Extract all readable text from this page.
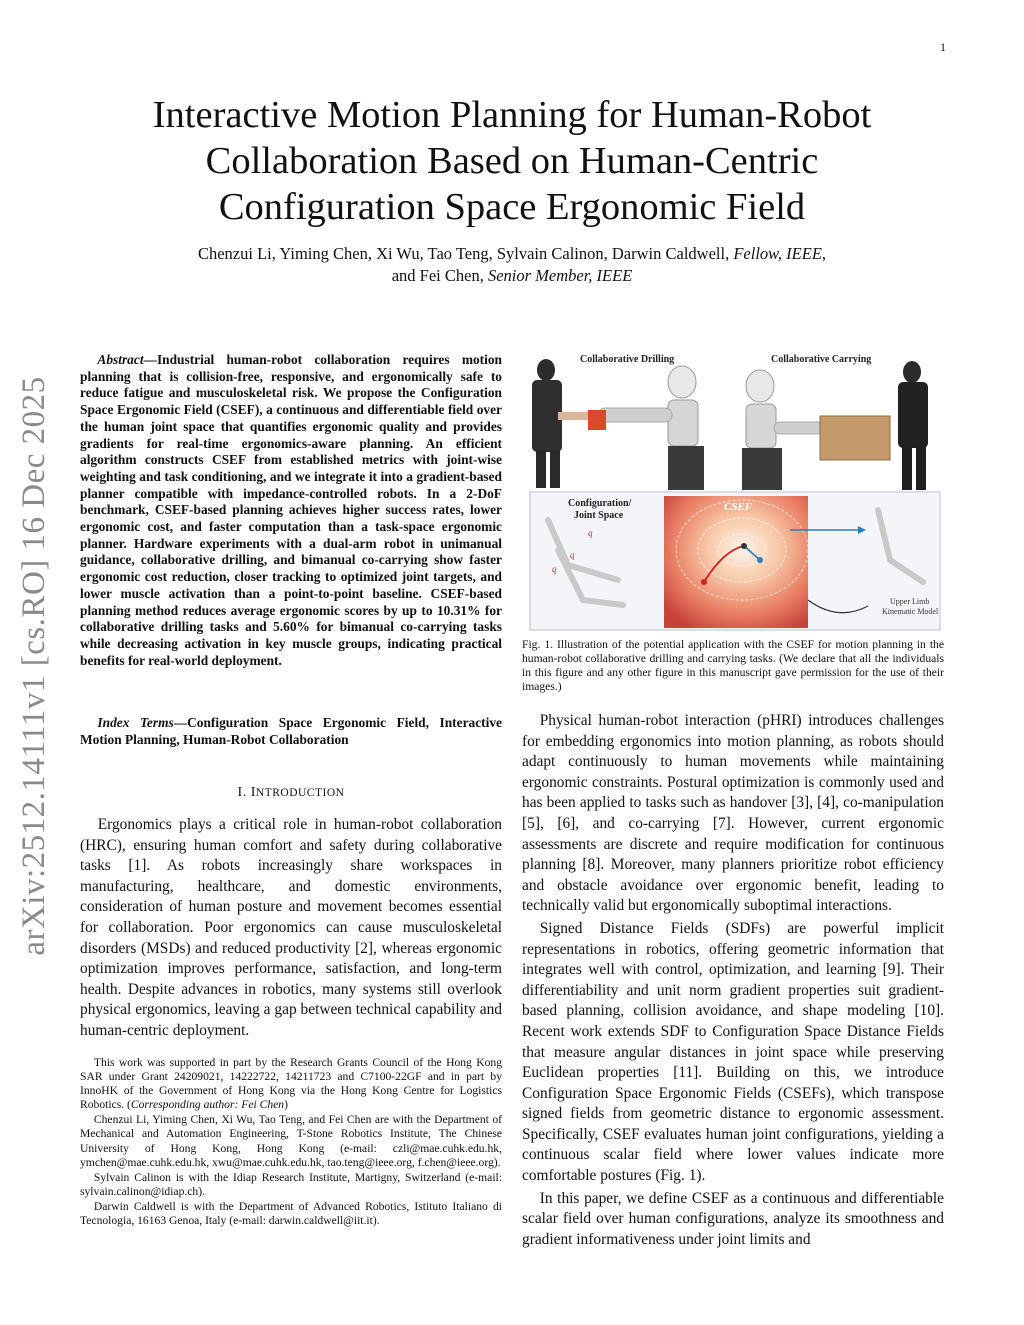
1
arXiv:2512.14111v1 [cs.RO] 16 Dec 2025
Interactive Motion Planning for Human-Robot
Collaboration Based on Human-Centric
Configuration Space Ergonomic Field
Chenzui Li, Yiming Chen, Xi Wu, Tao Teng, Sylvain Calinon, Darwin Caldwell, Fellow, IEEE,
and Fei Chen, Senior Member, IEEE

Abstract—Industrial human-robot collaboration requires motion planning that is collision-free, responsive, and ergonomically safe to reduce fatigue and musculoskeletal risk. We propose the Configuration Space Ergonomic Field (CSEF), a continuous and differentiable field over the human joint space that quantifies ergonomic quality and provides gradients for real-time ergonomics-aware planning. An efficient algorithm constructs CSEF from established metrics with joint-wise weighting and task conditioning, and we integrate it into a gradient-based planner compatible with impedance-controlled robots. In a 2-DoF benchmark, CSEF-based planning achieves higher success rates, lower ergonomic cost, and faster computation than a task-space ergonomic planner. Hardware experiments with a dual-arm robot in unimanual guidance, collaborative drilling, and bimanual co-carrying show faster ergonomic cost reduction, closer tracking to optimized joint targets, and lower muscle activation than a point-to-point baseline. CSEF-based planning method reduces average ergonomic scores by up to 10.31% for collaborative drilling tasks and 5.60% for bimanual co-carrying tasks while decreasing activation in key muscle groups, indicating practical benefits for real-world deployment.

Index Terms—Configuration Space Ergonomic Field, Interactive Motion Planning, Human-Robot Collaboration

I. INTRODUCTION

Ergonomics plays a critical role in human-robot collaboration (HRC), ensuring human comfort and safety during collaborative tasks [1]. As robots increasingly share workspaces in manufacturing, healthcare, and domestic environments, consideration of human posture and movement becomes essential for collaboration. Poor ergonomics can cause musculoskeletal disorders (MSDs) and reduced productivity [2], whereas ergonomic optimization improves performance, satisfaction, and long-term health. Despite advances in robotics, many systems still overlook physical ergonomics, leaving a gap between technical capability and human-centric deployment.

This work was supported in part by the Research Grants Council of the Hong Kong SAR under Grant 24209021, 14222722, 14211723 and C7100-22GF and in part by InnoHK of the Government of Hong Kong via the Hong Kong Centre for Logistics Robotics. (Corresponding author: Fei Chen)

Chenzui Li, Yiming Chen, Xi Wu, Tao Teng, and Fei Chen are with the Department of Mechanical and Automation Engineering, T-Stone Robotics Institute, The Chinese University of Hong Kong, Hong Kong (e-mail: czli@mae.cuhk.edu.hk, ymchen@mae.cuhk.edu.hk, xwu@mae.cuhk.edu.hk, tao.teng@ieee.org, f.chen@ieee.org).

Sylvain Calinon is with the Idiap Research Institute, Martigny, Switzerland (e-mail: sylvain.calinon@idiap.ch).

Darwin Caldwell is with the Department of Advanced Robotics, Istituto Italiano di Tecnologia, 16163 Genoa, Italy (e-mail: darwin.caldwell@iit.it).

Collaborative Drilling	Collaborative Carrying
Configuration/
Joint Space
q
q
q
CSEF
Upper Limb
Kinematic Model
Fig. 1. Illustration of the potential application with the CSEF for motion planning in the human-robot collaborative drilling and carrying tasks. (We declare that all the individuals in this figure and any other figure in this manuscript gave permission for the use of their images.)

Physical human-robot interaction (pHRI) introduces challenges for embedding ergonomics into motion planning, as robots should adapt continuously to human movements while maintaining ergonomic constraints. Postural optimization is commonly used and has been applied to tasks such as handover [3], [4], co-manipulation [5], [6], and co-carrying [7]. However, current ergonomic assessments are discrete and require modification for continuous planning [8]. Moreover, many planners prioritize robot efficiency and obstacle avoidance over ergonomic benefit, leading to technically valid but ergonomically suboptimal interactions.

Signed Distance Fields (SDFs) are powerful implicit representations in robotics, offering geometric information that integrates well with control, optimization, and learning [9]. Their differentiability and unit norm gradient properties suit gradient-based planning, collision avoidance, and shape modeling [10]. Recent work extends SDF to Configuration Space Distance Fields that measure angular distances in joint space while preserving Euclidean properties [11]. Building on this, we introduce Configuration Space Ergonomic Fields (CSEFs), which transpose signed fields from geometric distance to ergonomic assessment. Specifically, CSEF evaluates human joint configurations, yielding a continuous scalar field where lower values indicate more comfortable postures (Fig. 1).

In this paper, we define CSEF as a continuous and differentiable scalar field over human configurations, analyze its smoothness and gradient informativeness under joint limits and
